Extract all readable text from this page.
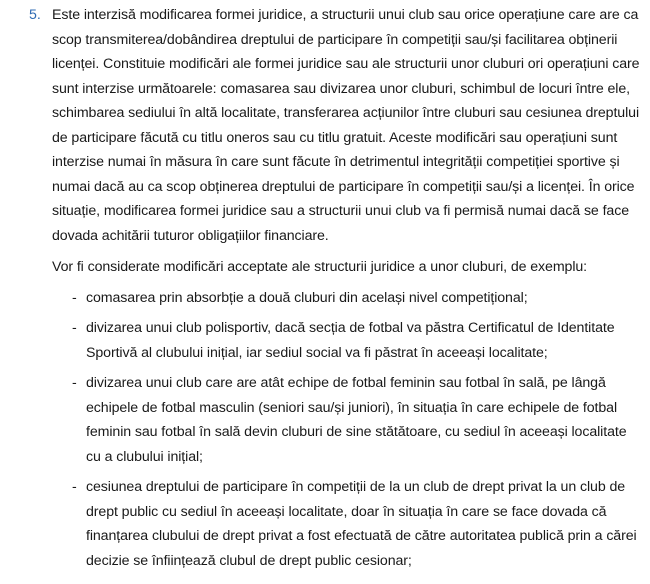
5. Este interzisă modificarea formei juridice, a structurii unui club sau orice operațiune care are ca scop transmiterea/dobândirea dreptului de participare în competiții sau/și facilitarea obținerii licenței. Constituie modificări ale formei juridice sau ale structurii unor cluburi ori operațiuni care sunt interzise următoarele: comasarea sau divizarea unor cluburi, schimbul de locuri între ele, schimbarea sediului în altă localitate, transferarea acțiunilor între cluburi sau cesiunea dreptului de participare făcută cu titlu oneros sau cu titlu gratuit. Aceste modificări sau operațiuni sunt interzise numai în măsura în care sunt făcute în detrimentul integrității competiției sportive și numai dacă au ca scop obținerea dreptului de participare în competiții sau/și a licenței. În orice situație, modificarea formei juridice sau a structurii unui club va fi permisă numai dacă se face dovada achitării tuturor obligațiilor financiare.

Vor fi considerate modificări acceptate ale structurii juridice a unor cluburi, de exemplu:

- comasarea prin absorbție a două cluburi din același nivel competițional;
- divizarea unui club polisportiv, dacă secția de fotbal va păstra Certificatul de Identitate Sportivă al clubului inițial, iar sediul social va fi păstrat în aceeași localitate;
- divizarea unui club care are atât echipe de fotbal feminin sau fotbal în sală, pe lângă echipele de fotbal masculin (seniori sau/și juniori), în situația în care echipele de fotbal feminin sau fotbal în sală devin cluburi de sine stătătoare, cu sediul în aceeași localitate cu a clubului inițial;
- cesiunea dreptului de participare în competiții de la un club de drept privat la un club de drept public cu sediul în aceeași localitate, doar în situația în care se face dovada că finanțarea clubului de drept privat a fost efectuată de către autoritatea publică prin a cărei decizie se înființează clubul de drept public cesionar;
